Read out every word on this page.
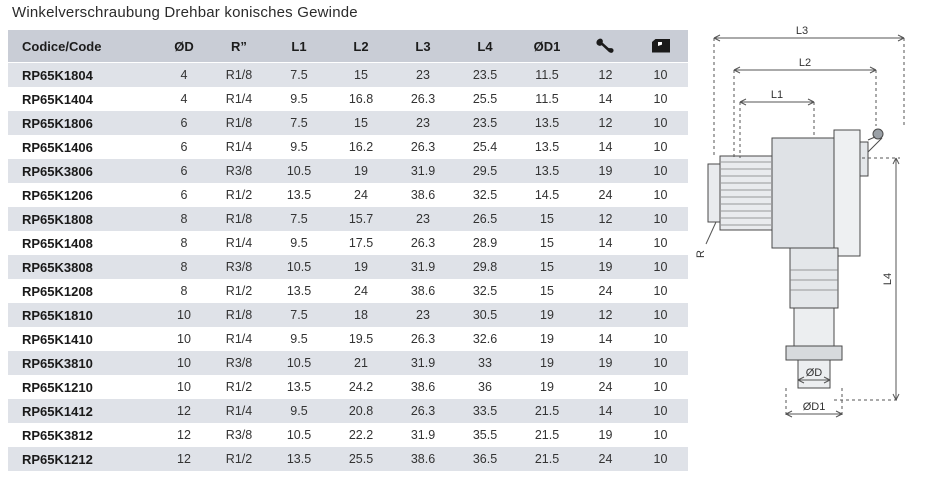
Winkelverschraubung Drehbar konisches Gewinde
Codice/Code	ØD	R”	L1	L2	L3	L4	ØD1	

RP65K1804	4	R1/8	7.5	15	23	23.5	11.5	12	10
RP65K1404	4	R1/4	9.5	16.8	26.3	25.5	11.5	14	10
RP65K1806	6	R1/8	7.5	15	23	23.5	13.5	12	10
RP65K1406	6	R1/4	9.5	16.2	26.3	25.4	13.5	14	10
RP65K3806	6	R3/8	10.5	19	31.9	29.5	13.5	19	10
RP65K1206	6	R1/2	13.5	24	38.6	32.5	14.5	24	10
RP65K1808	8	R1/8	7.5	15.7	23	26.5	15	12	10
RP65K1408	8	R1/4	9.5	17.5	26.3	28.9	15	14	10
RP65K3808	8	R3/8	10.5	19	31.9	29.8	15	19	10
RP65K1208	8	R1/2	13.5	24	38.6	32.5	15	24	10
RP65K1810	10	R1/8	7.5	18	23	30.5	19	12	10
RP65K1410	10	R1/4	9.5	19.5	26.3	32.6	19	14	10
RP65K3810	10	R3/8	10.5	21	31.9	33	19	19	10
RP65K1210	10	R1/2	13.5	24.2	38.6	36	19	24	10
RP65K1412	12	R1/4	9.5	20.8	26.3	33.5	21.5	14	10
RP65K3812	12	R3/8	10.5	22.2	31.9	35.5	21.5	19	10
RP65K1212	12	R1/2	13.5	25.5	38.6	36.5	21.5	24	10
L3
L2
L1
ØD
ØD1
L4
R
